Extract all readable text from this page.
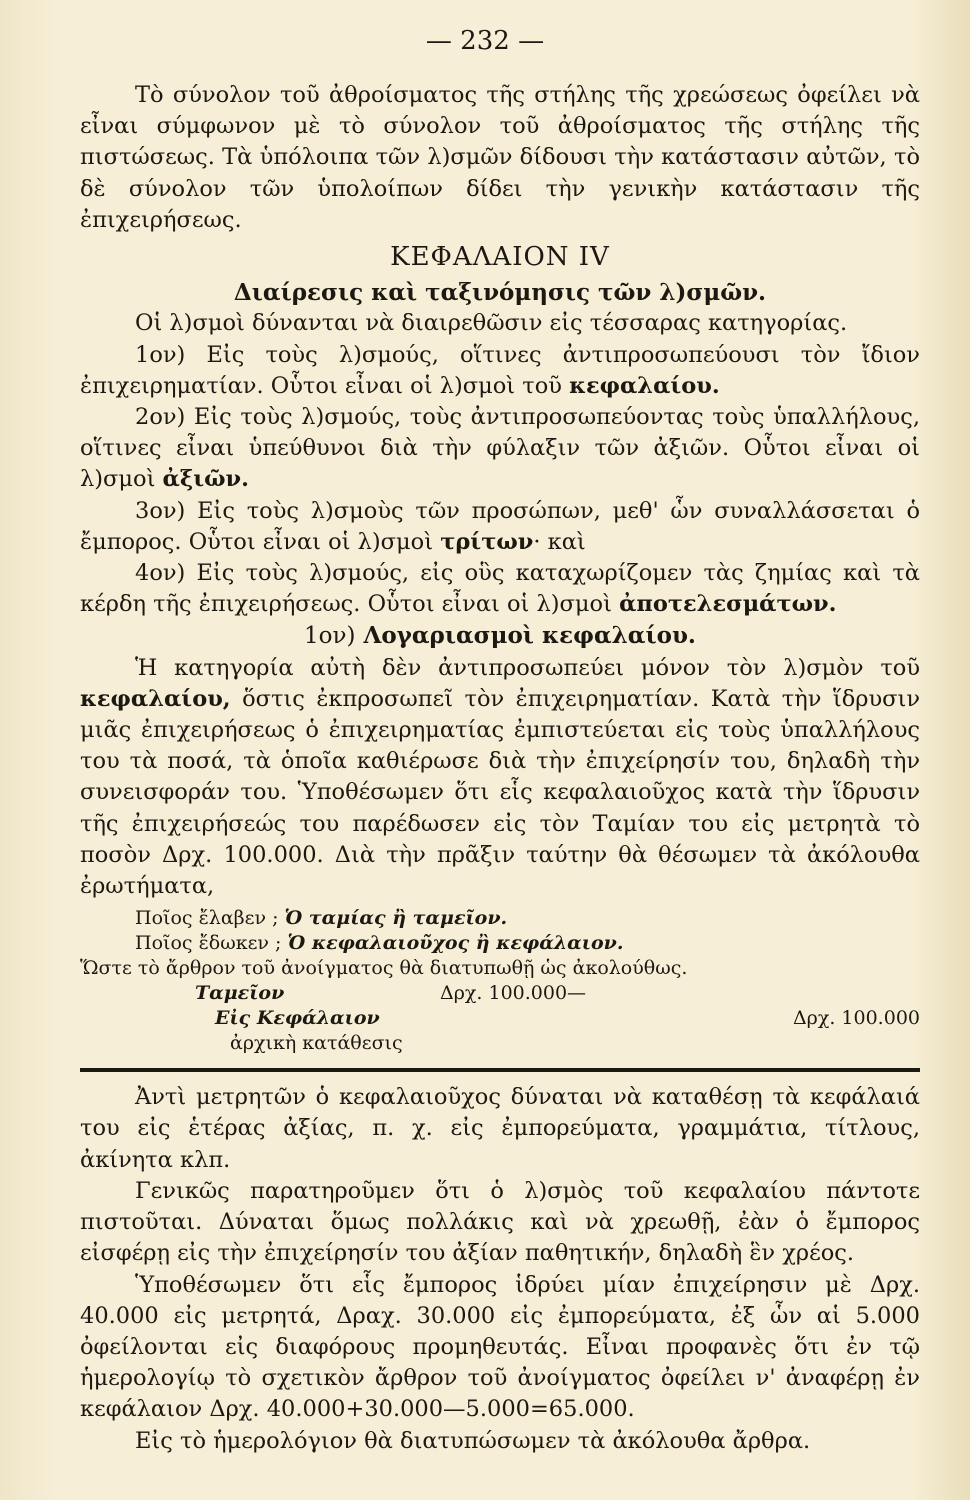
— 232 —

Τὸ σύνολον τοῦ ἀθροίσματος τῆς στήλης τῆς χρεώσεως ὀφείλει νὰ εἶναι σύμφωνον μὲ τὸ σύνολον τοῦ ἀθροίσματος τῆς στήλης τῆς πιστώσεως. Τὰ ὑπόλοιπα τῶν λ)σμῶν δίδουσι τὴν κατάστασιν αὐτῶν, τὸ δὲ σύνολον τῶν ὑπολοίπων δίδει τὴν γενικὴν κατάστασιν τῆς ἐπιχειρήσεως.

ΚΕΦΑΛΑΙΟΝ IV
Διαίρεσις καὶ ταξινόμησις τῶν λ)σμῶν.

Οἱ λ)σμοὶ δύνανται νὰ διαιρεθῶσιν εἰς τέσσαρας κατηγορίας.

1ον) Εἰς τοὺς λ)σμούς, οἵτινες ἀντιπροσωπεύουσι τὸν ἴδιον ἐπιχειρηματίαν. Οὗτοι εἶναι οἱ λ)σμοὶ τοῦ κεφαλαίου.

2ον) Εἰς τοὺς λ)σμούς, τοὺς ἀντιπροσωπεύοντας τοὺς ὑπαλλήλους, οἵτινες εἶναι ὑπεύθυνοι διὰ τὴν φύλαξιν τῶν ἀξιῶν. Οὗτοι εἶναι οἱ λ)σμοὶ ἀξιῶν.

3ον) Εἰς τοὺς λ)σμοὺς τῶν προσώπων, μεθ' ὧν συναλλάσσεται ὁ ἔμπορος. Οὗτοι εἶναι οἱ λ)σμοὶ τρίτων· καὶ

4ον) Εἰς τοὺς λ)σμούς, εἰς οὓς καταχωρίζομεν τὰς ζημίας καὶ τὰ κέρδη τῆς ἐπιχειρήσεως. Οὗτοι εἶναι οἱ λ)σμοὶ ἀποτελεσμάτων.

1ον) Λογαριασμοὶ κεφαλαίου.

Ἡ κατηγορία αὐτὴ δὲν ἀντιπροσωπεύει μόνον τὸν λ)σμὸν τοῦ κεφαλαίου, ὅστις ἐκπροσωπεῖ τὸν ἐπιχειρηματίαν. Κατὰ τὴν ἵδρυσιν μιᾶς ἐπιχειρήσεως ὁ ἐπιχειρηματίας ἐμπιστεύεται εἰς τοὺς ὑπαλλήλους του τὰ ποσά, τὰ ὁποῖα καθιέρωσε διὰ τὴν ἐπιχείρησίν του, δηλαδὴ τὴν συνεισφοράν του. Ὑποθέσωμεν ὅτι εἷς κεφαλαιοῦχος κατὰ τὴν ἵδρυσιν τῆς ἐπιχειρήσεώς του παρέδωσεν εἰς τὸν Ταμίαν του εἰς μετρητὰ τὸ ποσὸν Δρχ. 100.000. Διὰ τὴν πρᾶξιν ταύτην θὰ θέσωμεν τὰ ἀκόλουθα ἐρωτήματα,

Ποῖος ἔλαβεν ; Ὁ ταμίας ἢ ταμεῖον.
Ποῖος ἔδωκεν ; Ὁ κεφαλαιοῦχος ἢ κεφάλαιον.
Ὥστε τὸ ἄρθρον τοῦ ἀνοίγματος θὰ διατυπωθῇ ὡς ἀκολούθως.
Ταμεῖον	Δρχ. 100.000—
Εἰς Κεφάλαιον	Δρχ. 100.000
ἀρχικὴ κατάθεσις

Ἀντὶ μετρητῶν ὁ κεφαλαιοῦχος δύναται νὰ καταθέσῃ τὰ κεφάλαιά του εἰς ἑτέρας ἀξίας, π. χ. εἰς ἐμπορεύματα, γραμμάτια, τίτλους, ἀκίνητα κλπ.

Γενικῶς παρατηροῦμεν ὅτι ὁ λ)σμὸς τοῦ κεφαλαίου πάντοτε πιστοῦται. Δύναται ὅμως πολλάκις καὶ νὰ χρεωθῇ, ἐὰν ὁ ἔμπορος εἰσφέρῃ εἰς τὴν ἐπιχείρησίν του ἀξίαν παθητικήν, δηλαδὴ ἓν χρέος.

Ὑποθέσωμεν ὅτι εἷς ἔμπορος ἱδρύει μίαν ἐπιχείρησιν μὲ Δρχ. 40.000 εἰς μετρητά, Δραχ. 30.000 εἰς ἐμπορεύματα, ἐξ ὧν αἱ 5.000 ὀφείλονται εἰς διαφόρους προμηθευτάς. Εἶναι προφανὲς ὅτι ἐν τῷ ἡμερολογίῳ τὸ σχετικὸν ἄρθρον τοῦ ἀνοίγματος ὀφείλει ν' ἀναφέρῃ ἐν κεφάλαιον Δρχ. 40.000+30.000—5.000=65.000.

Εἰς τὸ ἡμερολόγιον θὰ διατυπώσωμεν τὰ ἀκόλουθα ἄρθρα.
